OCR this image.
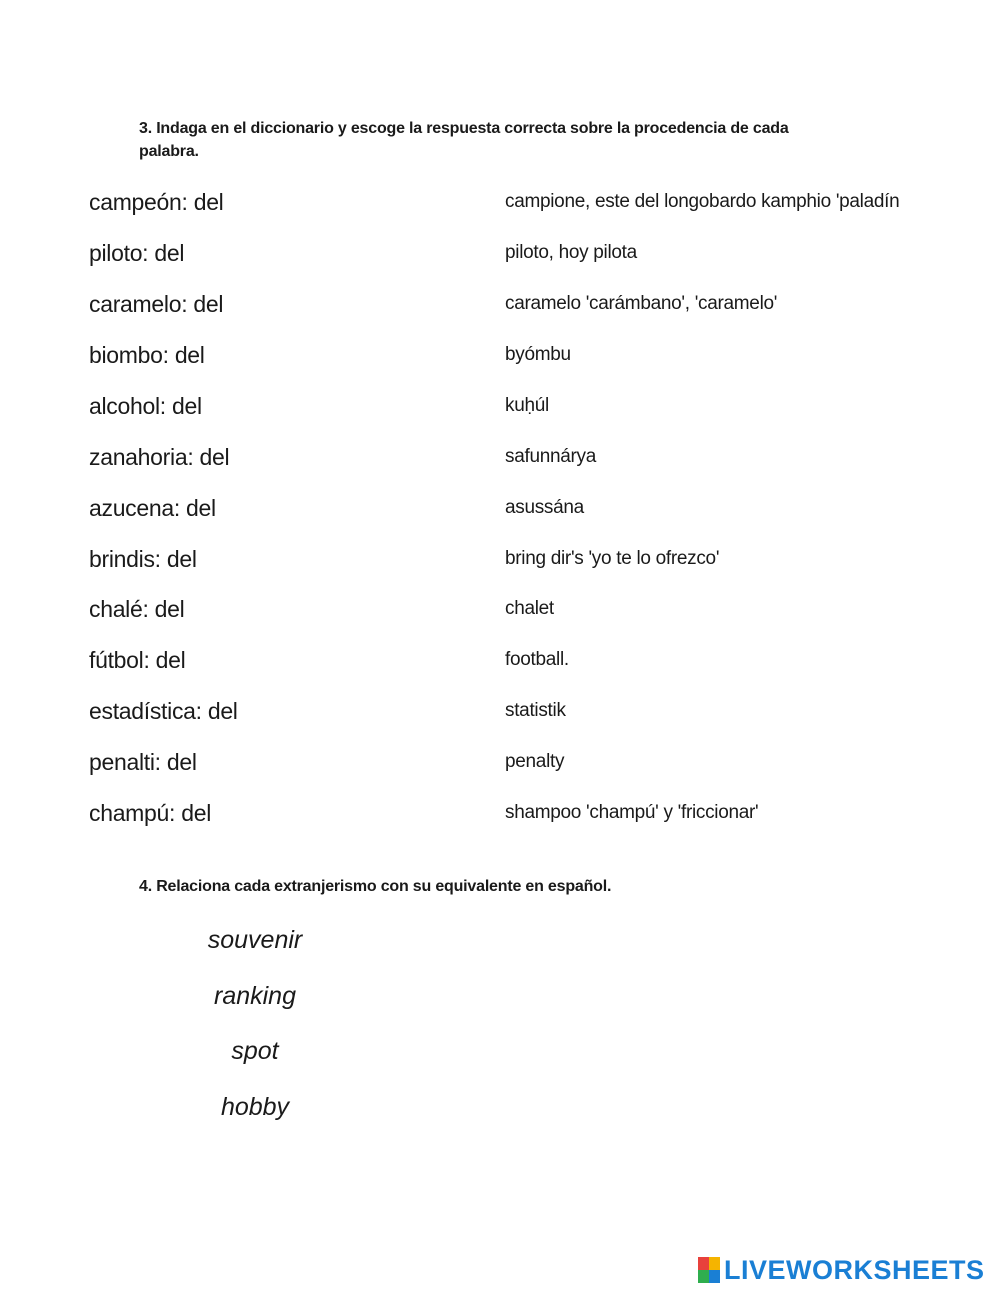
3. Indaga en el diccionario y escoge la respuesta correcta sobre la procedencia de cada
palabra.
campeón: del	campione, este del longobardo kamphio 'paladín
piloto: del	piloto, hoy pilota
caramelo: del	caramelo 'carámbano', 'caramelo'
biombo: del	byómbu
alcohol: del	kuḥúl
zanahoria: del	safunnárya
azucena: del	asussána
brindis: del	bring dir's 'yo te lo ofrezco'
chalé: del	chalet
fútbol: del	football.
estadística: del	statistik
penalti: del	penalty
champú: del	shampoo 'champú' y 'friccionar'
4. Relaciona cada extranjerismo con su equivalente en español.
souvenir
ranking
spot
hobby
LIVEWORKSHEETS
